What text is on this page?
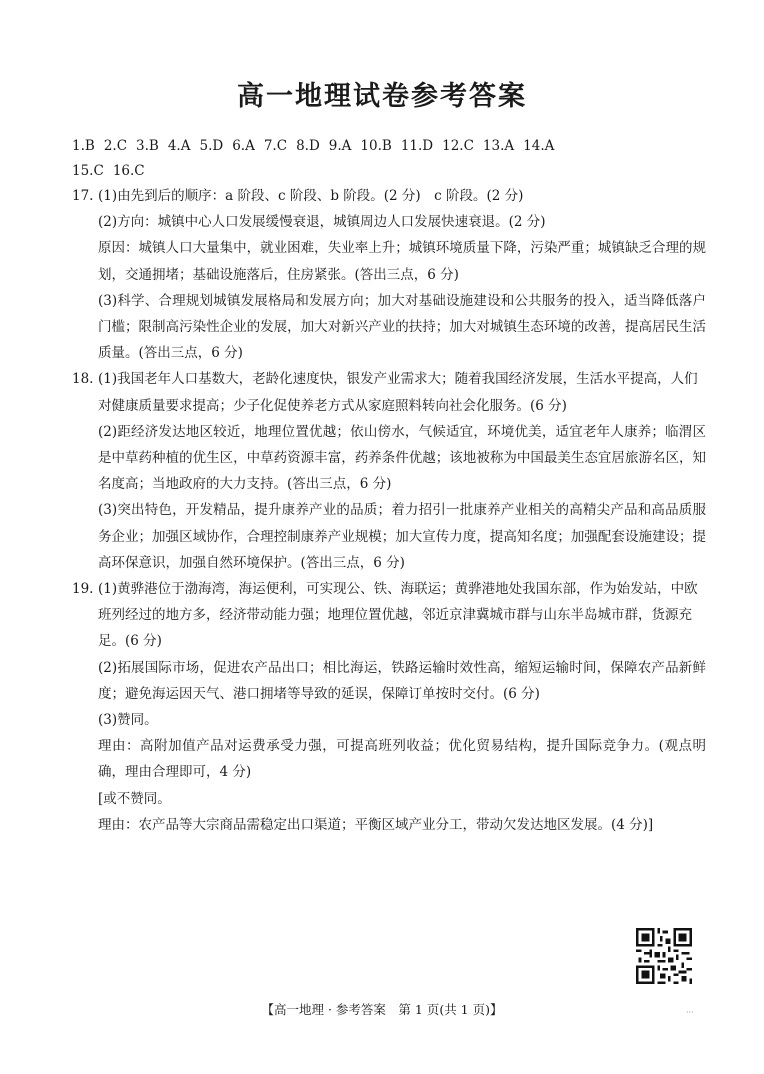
高一地理试卷参考答案
1.B 2.C 3.B 4.A 5.D 6.A 7.C 8.D 9.A 10.B 11.D 12.C 13.A 14.A
15.C 16.C
17. (1)由先到后的顺序：a 阶段、c 阶段、b 阶段。(2 分)　c 阶段。(2 分)
(2)方向：城镇中心人口发展缓慢衰退，城镇周边人口发展快速衰退。(2 分)
原因：城镇人口大量集中，就业困难，失业率上升；城镇环境质量下降，污染严重；城镇缺乏合理的规划，交通拥堵；基础设施落后，住房紧张。(答出三点，6 分)
(3)科学、合理规划城镇发展格局和发展方向；加大对基础设施建设和公共服务的投入，适当降低落户门槛；限制高污染性企业的发展，加大对新兴产业的扶持；加大对城镇生态环境的改善，提高居民生活质量。(答出三点，6 分)
18. (1)我国老年人口基数大，老龄化速度快，银发产业需求大；随着我国经济发展，生活水平提高，人们对健康质量要求提高；少子化促使养老方式从家庭照料转向社会化服务。(6 分)
(2)距经济发达地区较近，地理位置优越；依山傍水，气候适宜，环境优美，适宜老年人康养；临渭区是中草药种植的优生区，中草药资源丰富，药养条件优越；该地被称为中国最美生态宜居旅游名区，知名度高；当地政府的大力支持。(答出三点，6 分)
(3)突出特色，开发精品，提升康养产业的品质；着力招引一批康养产业相关的高精尖产品和高品质服务企业；加强区域协作，合理控制康养产业规模；加大宣传力度，提高知名度；加强配套设施建设；提高环保意识，加强自然环境保护。(答出三点，6 分)
19. (1)黄骅港位于渤海湾，海运便利，可实现公、铁、海联运；黄骅港地处我国东部，作为始发站，中欧班列经过的地方多，经济带动能力强；地理位置优越，邻近京津冀城市群与山东半岛城市群，货源充足。(6 分)
(2)拓展国际市场，促进农产品出口；相比海运，铁路运输时效性高，缩短运输时间，保障农产品新鲜度；避免海运因天气、港口拥堵等导致的延误，保障订单按时交付。(6 分)
(3)赞同。
理由：高附加值产品对运费承受力强，可提高班列收益；优化贸易结构，提升国际竞争力。(观点明确，理由合理即可，4 分)
[或不赞同。
理由：农产品等大宗商品需稳定出口渠道；平衡区域产业分工，带动欠发达地区发展。(4 分)]
【高一地理 · 参考答案　第 1 页(共 1 页)】	···
